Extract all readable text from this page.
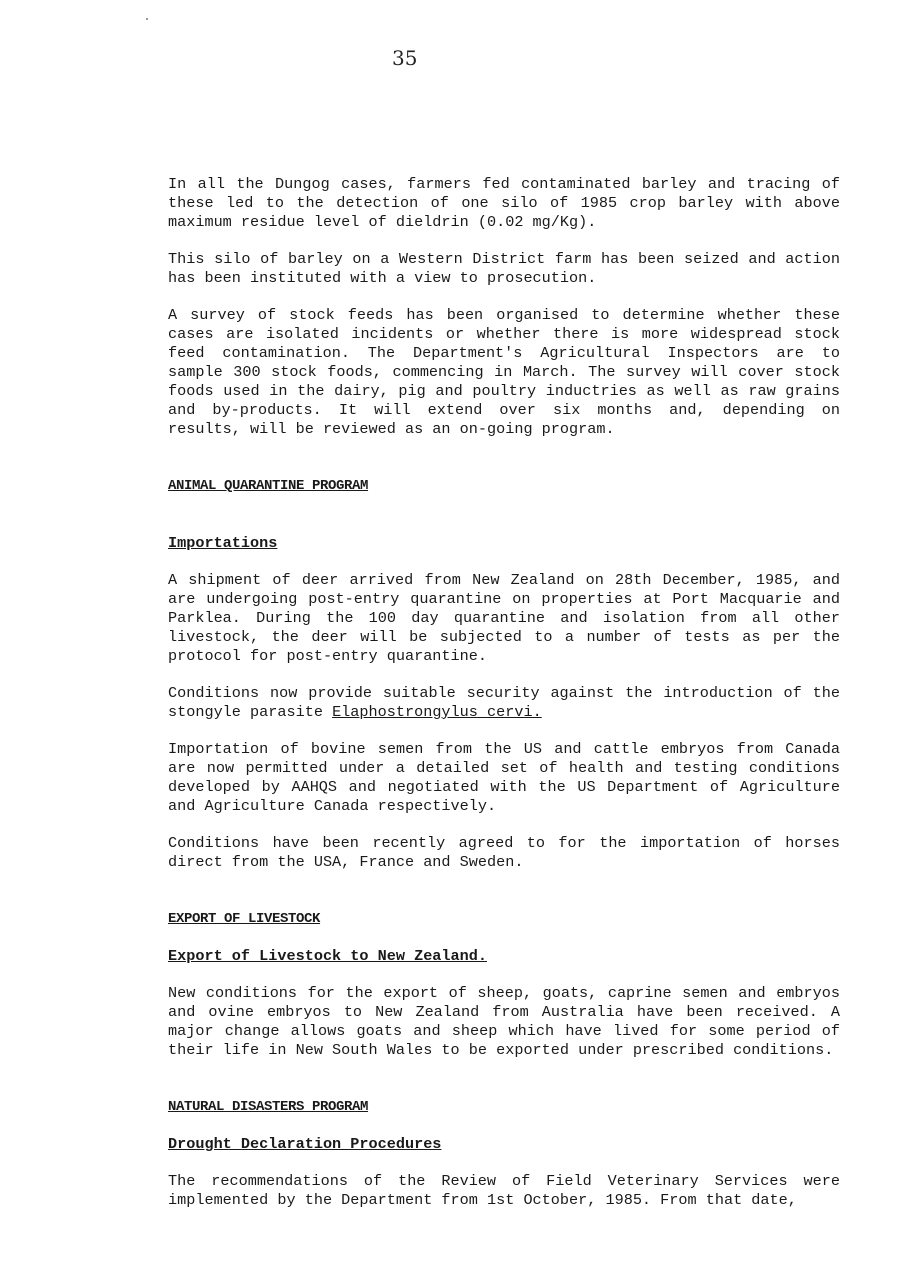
35

In all the Dungog cases, farmers fed contaminated barley and tracing of these led to the detection of one silo of 1985 crop barley with above maximum residue level of dieldrin (0.02 mg/Kg).

This silo of barley on a Western District farm has been seized and action has been instituted with a view to prosecution.

A survey of stock feeds has been organised to determine whether these cases are isolated incidents or whether there is more widespread stock feed contamination. The Department's Agricultural Inspectors are to sample 300 stock foods, commencing in March. The survey will cover stock foods used in the dairy, pig and poultry inductries as well as raw grains and by-products. It will extend over six months and, depending on results, will be reviewed as an on-going program.

ANIMAL QUARANTINE PROGRAM

Importations

A shipment of deer arrived from New Zealand on 28th December, 1985, and are undergoing post-entry quarantine on properties at Port Macquarie and Parklea. During the 100 day quarantine and isolation from all other livestock, the deer will be subjected to a number of tests as per the protocol for post-entry quarantine.

Conditions now provide suitable security against the introduction of the stongyle parasite Elaphostrongylus cervi.

Importation of bovine semen from the US and cattle embryos from Canada are now permitted under a detailed set of health and testing conditions developed by AAHQS and negotiated with the US Department of Agriculture and Agriculture Canada respectively.

Conditions have been recently agreed to for the importation of horses direct from the USA, France and Sweden.

EXPORT OF LIVESTOCK

Export of Livestock to New Zealand.

New conditions for the export of sheep, goats, caprine semen and embryos and ovine embryos to New Zealand from Australia have been received. A major change allows goats and sheep which have lived for some period of their life in New South Wales to be exported under prescribed conditions.

NATURAL DISASTERS PROGRAM

Drought Declaration Procedures

The recommendations of the Review of Field Veterinary Services were implemented by the Department from 1st October, 1985. From that date,
